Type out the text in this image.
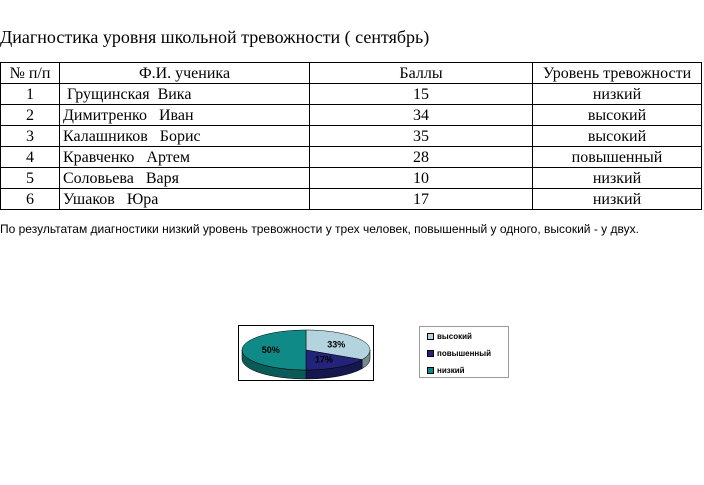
Диагностика уровня школьной тревожности ( сентябрь)
№ п/п	Ф.И. ученика	Баллы	Уровень тревожности
1	Грущинская  Вика	15	низкий
2	Димитренко   Иван	34	высокий
3	Калашников   Борис	35	высокий
4	Кравченко   Артем	28	повышенный
5	Соловьева   Варя	10	низкий
6	Ушаков   Юра	17	низкий
По результатам диагностики низкий уровень тревожности у трех человек, повышенный у одного, высокий - у двух.
33%
17%
50%
высокий
повышенный
низкий
